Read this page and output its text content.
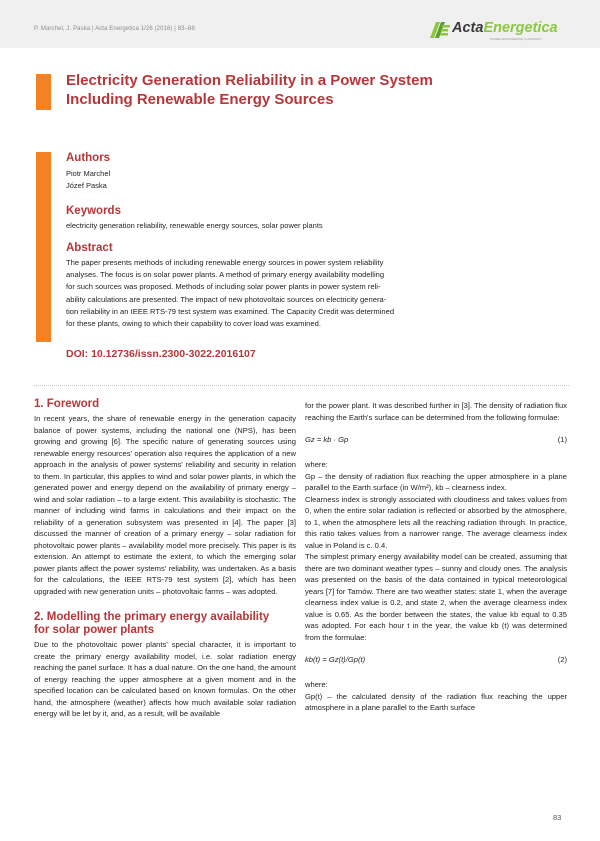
P. Marchel, J. Paska | Acta Energetica 1/26 (2016) | 83–88	ActaEnergetica
POWER ENGINEERING QUARTERLY
Electricity Generation Reliability in a Power System
Including Renewable Energy Sources
Authors
Piotr Marchel
Józef Paska
Keywords
electricity generation reliability, renewable energy sources, solar power plants
Abstract
The paper presents methods of including renewable energy sources in power system reliability
analyses. The focus is on solar power plants. A method of primary energy availability modelling
for such sources was proposed. Methods of including solar power plants in power system reli-
ability calculations are presented. The impact of new photovoltaic sources on electricity genera-
tion reliability in an IEEE RTS-79 test system was examined. The Capacity Credit was determined
for these plants, owing to which their capability to cover load was examined.
DOI: 10.12736/issn.2300-3022.2016107
1. Foreword

In recent years, the share of renewable energy in the generation capacity balance of power systems, including the national one (NPS), has been growing and growing [6]. The specific nature of generating sources using renewable energy resources' operation also requires the application of a new approach in the analysis of power systems' reliability and security in relation to them. In particular, this applies to wind and solar power plants, in which the generated power and energy depend on the availability of primary energy – wind and solar radiation – to a large extent. This availability is stochastic. The manner of including wind farms in calculations and their impact on the reliability of a generation subsystem was presented in [4]. The paper [3] discussed the manner of creation of a primary energy – solar radiation for photovoltaic power plants – availability model more precisely. This paper is its extension. An attempt to estimate the extent, to which the emerging solar power plants affect the power systems' reliability, was undertaken. As a basis for the calculations, the IEEE RTS-79 test system [2], which has been upgraded with new generation units – photovoltaic farms – was adopted.

2. Modelling the primary energy availability
for solar power plants

Due to the photovoltaic power plants' special character, it is important to create the primary energy availability model, i.e. solar radiation energy reaching the panel surface. It has a dual nature. On the one hand, the amount of energy reaching the upper atmosphere at a given moment and in the specified location can be calculated based on known formulas. On the other hand, the atmosphere (weather) affects how much available solar radiation energy will be let by it, and, as a result, will be available

for the power plant. It was described further in [3]. The density of radiation flux reaching the Earth's surface can be determined from the following formulae:

Gz = kb · Gp	(1)

where:

Gp – the density of radiation flux reaching the upper atmosphere in a plane parallel to the Earth surface (in W/m²), kb – clearness index.

Clearness index is strongly associated with cloudiness and takes values from 0, when the entire solar radiation is reflected or absorbed by the atmosphere, to 1, when the atmosphere lets all the reaching radiation through. In practice, this ratio takes values from a narrower range. The average clearness index value in Poland is c. 0.4.

The simplest primary energy availability model can be created, assuming that there are two dominant weather types – sunny and cloudy ones. The analysis was presented on the basis of the data contained in typical meteorological years [7] for Tarnów. There are two weather states: state 1, when the average clearness index value is 0.2, and state 2, when the average clearness index value is 0.65. As the border between the states, the value kb equal to 0.35 was adopted. For each hour t in the year, the value kb (t) was determined from the formulae:

kb(t) = Gz(t)/Gp(t)	(2)

where:

Gp(t) – the calculated density of the radiation flux reaching the upper atmosphere in a plane parallel to the Earth surface

83
